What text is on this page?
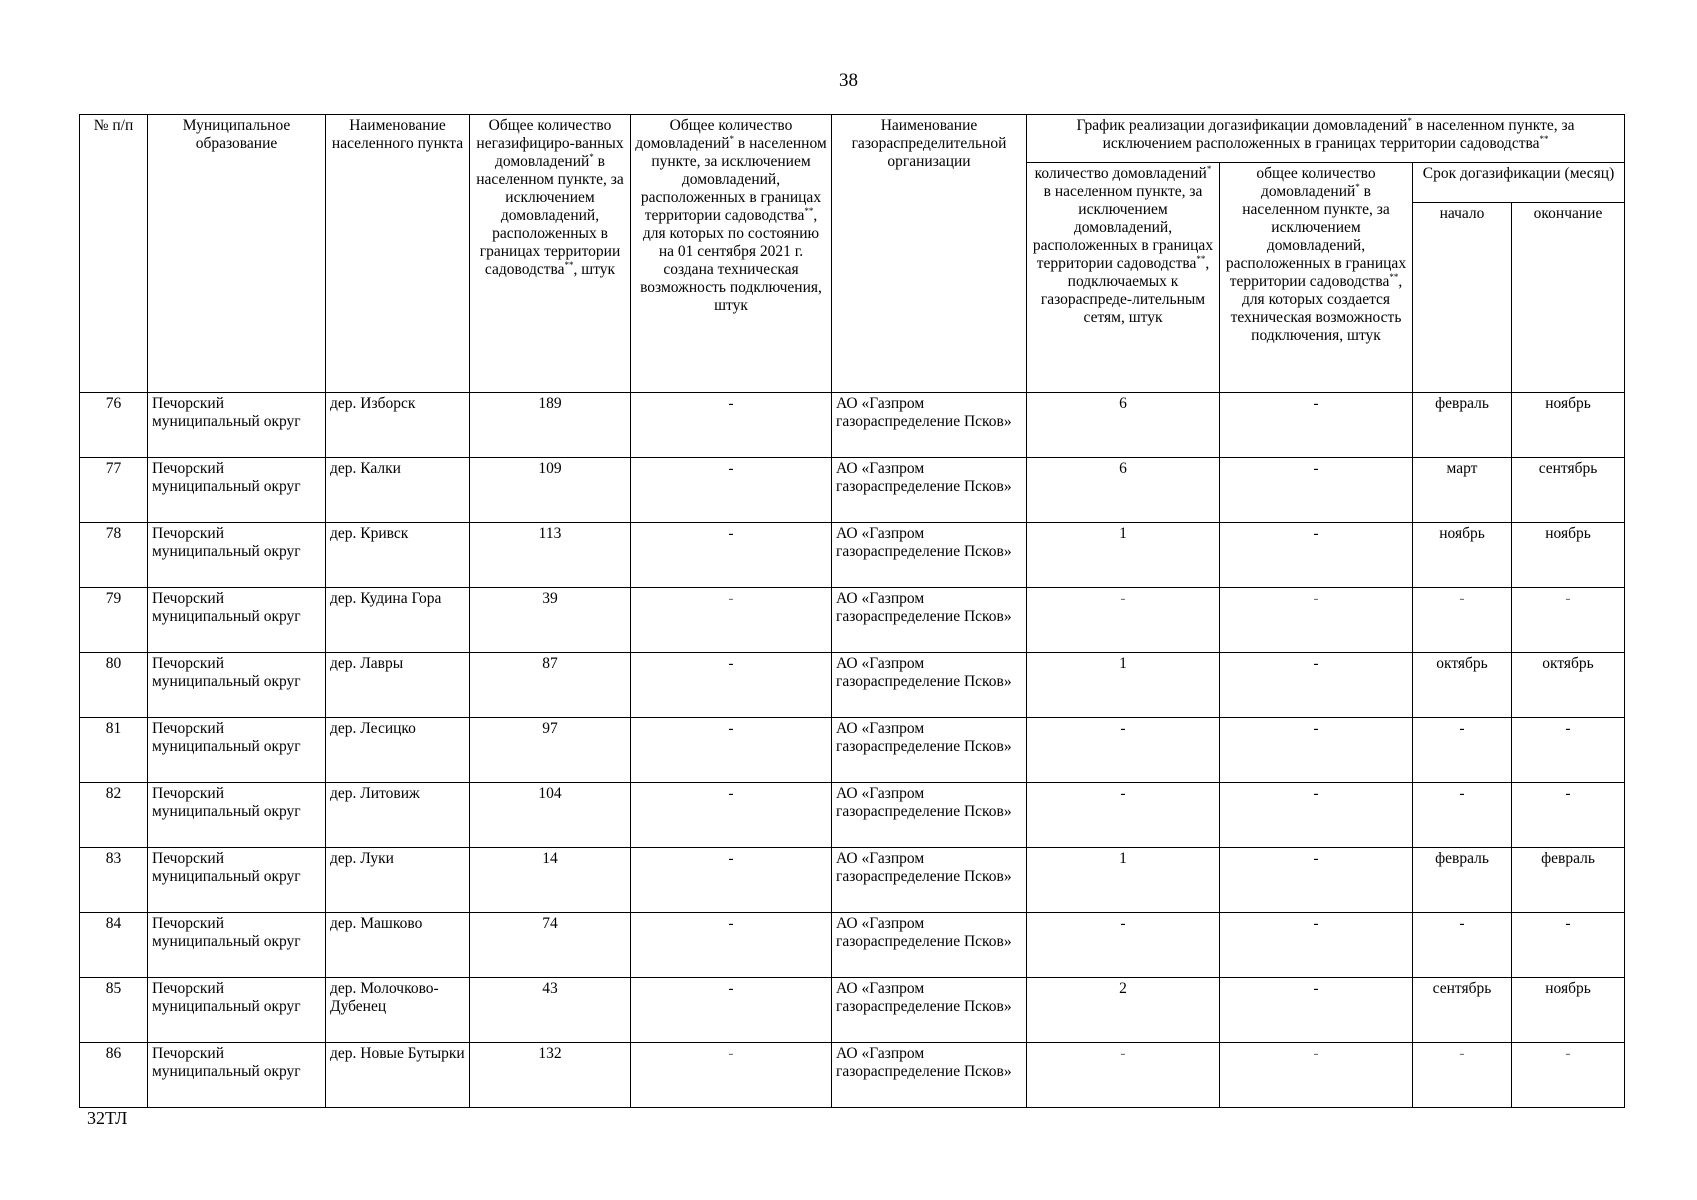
38
№ п/п	Муниципальное образование	Наименование населенного пункта	Общее количество негазифициро-ванных домовладений* в населенном пункте, за исключением домовладений, расположенных в границах территории садоводства**, штук	Общее количество домовладений* в населенном пункте, за исключением домовладений, расположенных в границах территории садоводства**, для которых по состоянию на 01 сентября 2021 г. создана техническая возможность подключения, штук	Наименование газораспределительной организации	График реализации догазификации домовладений* в населенном пункте, за исключением расположенных в границах территории садоводства**
						количество домовладений* в населенном пункте, за исключением домовладений, расположенных в границах территории садоводства**, подключаемых к газораспреде-лительным сетям, штук	общее количество домовладений* в населенном пункте, за исключением домовладений, расположенных в границах территории садоводства**, для которых создается техническая возможность подключения, штук	Срок догазификации (месяц)	
								начало	окончание
76	Печорский муниципальный округ	дер. Изборск	189	-	АО «Газпром газораспределение Псков»	6	-	февраль	ноябрь
77	Печорский муниципальный округ	дер. Калки	109	-	АО «Газпром газораспределение Псков»	6	-	март	сентябрь
78	Печорский муниципальный округ	дер. Кривск	113	-	АО «Газпром газораспределение Псков»	1	-	ноябрь	ноябрь
79	Печорский муниципальный округ	дер. Кудина Гора	39	-	АО «Газпром газораспределение Псков»	-	-	-	-
80	Печорский муниципальный округ	дер. Лавры	87	-	АО «Газпром газораспределение Псков»	1	-	октябрь	октябрь
81	Печорский муниципальный округ	дер. Лесицко	97	-	АО «Газпром газораспределение Псков»	-	-	-	-
82	Печорский муниципальный округ	дер. Литовиж	104	-	АО «Газпром газораспределение Псков»	-	-	-	-
83	Печорский муниципальный округ	дер. Луки	14	-	АО «Газпром газораспределение Псков»	1	-	февраль	февраль
84	Печорский муниципальный округ	дер. Машково	74	-	АО «Газпром газораспределение Псков»	-	-	-	-
85	Печорский муниципальный округ	дер. Молочково-Дубенец	43	-	АО «Газпром газораспределение Псков»	2	-	сентябрь	ноябрь
86	Печорский муниципальный округ	дер. Новые Бутырки	132	-	АО «Газпром газораспределение Псков»	-	-	-	-
32ТЛ
